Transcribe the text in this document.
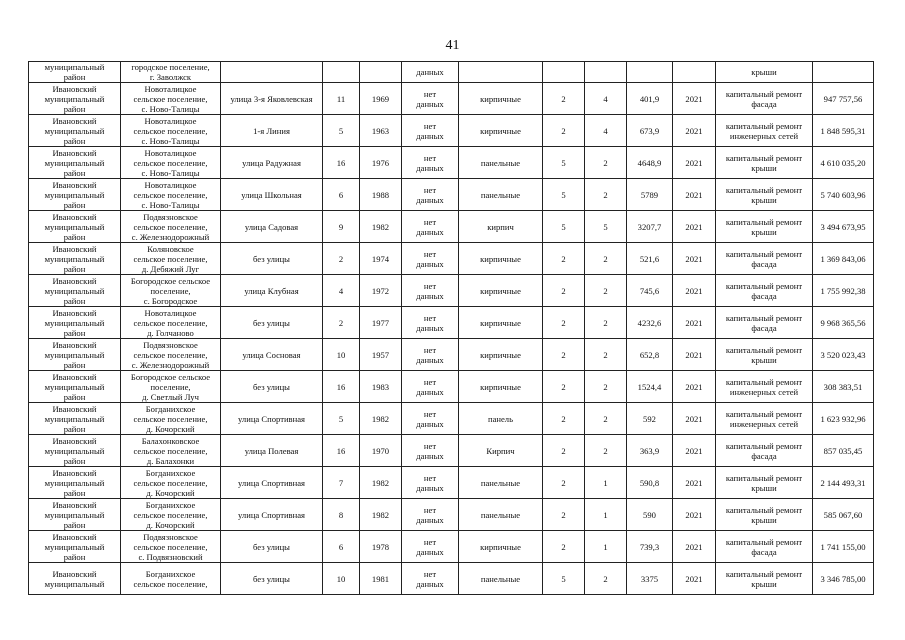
41
муниципальный
район	городское поселение,
г. Заволжск				данных						крыши	

Ивановский
муниципальный
район	Новоталицкое
сельское поселение,
с. Ново-Талицы	улица 3-я Яковлевская	11	1969	нет
данных	кирпичные	2	4	401,9	2021	капитальный ремонт
фасада	947 757,56

Ивановский
муниципальный
район	Новоталицкое
сельское поселение,
с. Ново-Талицы	1-я Линия	5	1963	нет
данных	кирпичные	2	4	673,9	2021	капитальный ремонт
инженерных сетей	1 848 595,31

Ивановский
муниципальный
район	Новоталицкое
сельское поселение,
с. Ново-Талицы	улица Радужная	16	1976	нет
данных	панельные	5	2	4648,9	2021	капитальный ремонт
крыши	4 610 035,20

Ивановский
муниципальный
район	Новоталицкое
сельское поселение,
с. Ново-Талицы	улица Школьная	6	1988	нет
данных	панельные	5	2	5789	2021	капитальный ремонт
крыши	5 740 603,96

Ивановский
муниципальный
район	Подвязновское
сельское поселение,
с. Железнодорожный	улица Садовая	9	1982	нет
данных	кирпич	5	5	3207,7	2021	капитальный ремонт
крыши	3 494 673,95

Ивановский
муниципальный
район	Коляновское
сельское поселение,
д. Дебяжий Луг	без улицы	2	1974	нет
данных	кирпичные	2	2	521,6	2021	капитальный ремонт
фасада	1 369 843,06

Ивановский
муниципальный
район	Богородское сельское
поселение,
с. Богородское	улица Клубная	4	1972	нет
данных	кирпичные	2	2	745,6	2021	капитальный ремонт
фасада	1 755 992,38

Ивановский
муниципальный
район	Новоталицкое
сельское поселение,
д. Голчаново	без улицы	2	1977	нет
данных	кирпичные	2	2	4232,6	2021	капитальный ремонт
фасада	9 968 365,56

Ивановский
муниципальный
район	Подвязновское
сельское поселение,
с. Железнодорожный	улица Сосновая	10	1957	нет
данных	кирпичные	2	2	652,8	2021	капитальный ремонт
крыши	3 520 023,43

Ивановский
муниципальный
район	Богородское сельское
поселение,
д. Светлый Луч	без улицы	16	1983	нет
данных	кирпичные	2	2	1524,4	2021	капитальный ремонт
инженерных сетей	308 383,51

Ивановский
муниципальный
район	Богданихское
сельское поселение,
д. Кочорский	улица Спортивная	5	1982	нет
данных	панель	2	2	592	2021	капитальный ремонт
инженерных сетей	1 623 932,96

Ивановский
муниципальный
район	Балахонковское
сельское поселение,
д. Балахонки	улица Полевая	16	1970	нет
данных	Кирпич	2	2	363,9	2021	капитальный ремонт
фасада	857 035,45

Ивановский
муниципальный
район	Богданихское
сельское поселение,
д. Кочорский	улица Спортивная	7	1982	нет
данных	панельные	2	1	590,8	2021	капитальный ремонт
крыши	2 144 493,31

Ивановский
муниципальный
район	Богданихское
сельское поселение,
д. Кочорский	улица Спортивная	8	1982	нет
данных	панельные	2	1	590	2021	капитальный ремонт
крыши	585 067,60

Ивановский
муниципальный
район	Подвязновское
сельское поселение,
с. Подвязновский	без улицы	6	1978	нет
данных	кирпичные	2	1	739,3	2021	капитальный ремонт
фасада	1 741 155,00

Ивановский
муниципальный	Богданихское
сельское поселение,	без улицы	10	1981	нет
данных	панельные	5	2	3375	2021	капитальный ремонт
крыши	3 346 785,00
